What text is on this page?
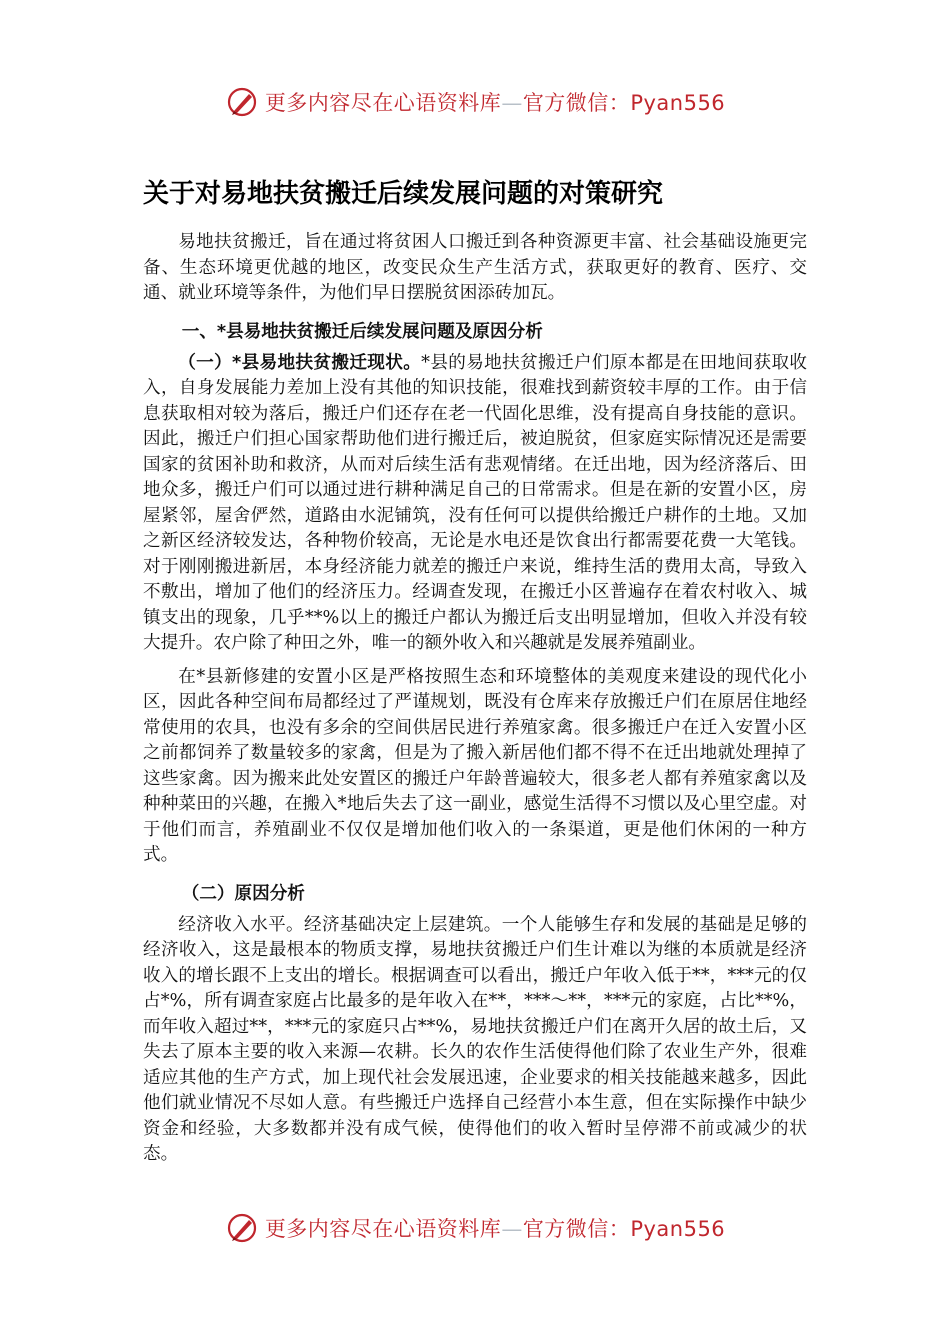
更多内容尽在心语资料库—官方微信：Pyan556
关于对易地扶贫搬迁后续发展问题的对策研究

易地扶贫搬迁，旨在通过将贫困人口搬迁到各种资源更丰富、社会基础设施更完备、生态环境更优越的地区，改变民众生产生活方式，获取更好的教育、医疗、交通、就业环境等条件，为他们早日摆脱贫困添砖加瓦。

一、*县易地扶贫搬迁后续发展问题及原因分析

（一）*县易地扶贫搬迁现状。*县的易地扶贫搬迁户们原本都是在田地间获取收入，自身发展能力差加上没有其他的知识技能，很难找到薪资较丰厚的工作。由于信息获取相对较为落后，搬迁户们还存在老一代固化思维，没有提高自身技能的意识。因此，搬迁户们担心国家帮助他们进行搬迁后，被迫脱贫，但家庭实际情况还是需要国家的贫困补助和救济，从而对后续生活有悲观情绪。在迁出地，因为经济落后、田地众多，搬迁户们可以通过进行耕种满足自己的日常需求。但是在新的安置小区，房屋紧邻，屋舍俨然，道路由水泥铺筑，没有任何可以提供给搬迁户耕作的土地。又加之新区经济较发达，各种物价较高，无论是水电还是饮食出行都需要花费一大笔钱。对于刚刚搬进新居，本身经济能力就差的搬迁户来说，维持生活的费用太高，导致入不敷出，增加了他们的经济压力。经调查发现，在搬迁小区普遍存在着农村收入、城镇支出的现象，几乎**%以上的搬迁户都认为搬迁后支出明显增加，但收入并没有较大提升。农户除了种田之外，唯一的额外收入和兴趣就是发展养殖副业。

在*县新修建的安置小区是严格按照生态和环境整体的美观度来建设的现代化小区，因此各种空间布局都经过了严谨规划，既没有仓库来存放搬迁户们在原居住地经常使用的农具，也没有多余的空间供居民进行养殖家禽。很多搬迁户在迁入安置小区之前都饲养了数量较多的家禽，但是为了搬入新居他们都不得不在迁出地就处理掉了这些家禽。因为搬来此处安置区的搬迁户年龄普遍较大，很多老人都有养殖家禽以及种种菜田的兴趣，在搬入*地后失去了这一副业，感觉生活得不习惯以及心里空虚。对于他们而言，养殖副业不仅仅是增加他们收入的一条渠道，更是他们休闲的一种方式。

（二）原因分析

经济收入水平。经济基础决定上层建筑。一个人能够生存和发展的基础是足够的经济收入，这是最根本的物质支撑，易地扶贫搬迁户们生计难以为继的本质就是经济收入的增长跟不上支出的增长。根据调查可以看出，搬迁户年收入低于**，***元的仅占*%，所有调查家庭占比最多的是年收入在**，***～**，***元的家庭，占比**%，而年收入超过**，***元的家庭只占**%，易地扶贫搬迁户们在离开久居的故土后，又失去了原本主要的收入来源—农耕。长久的农作生活使得他们除了农业生产外，很难适应其他的生产方式，加上现代社会发展迅速，企业要求的相关技能越来越多，因此他们就业情况不尽如人意。有些搬迁户选择自己经营小本生意，但在实际操作中缺少资金和经验，大多数都并没有成气候，使得他们的收入暂时呈停滞不前或减少的状态。

更多内容尽在心语资料库—官方微信：Pyan556
